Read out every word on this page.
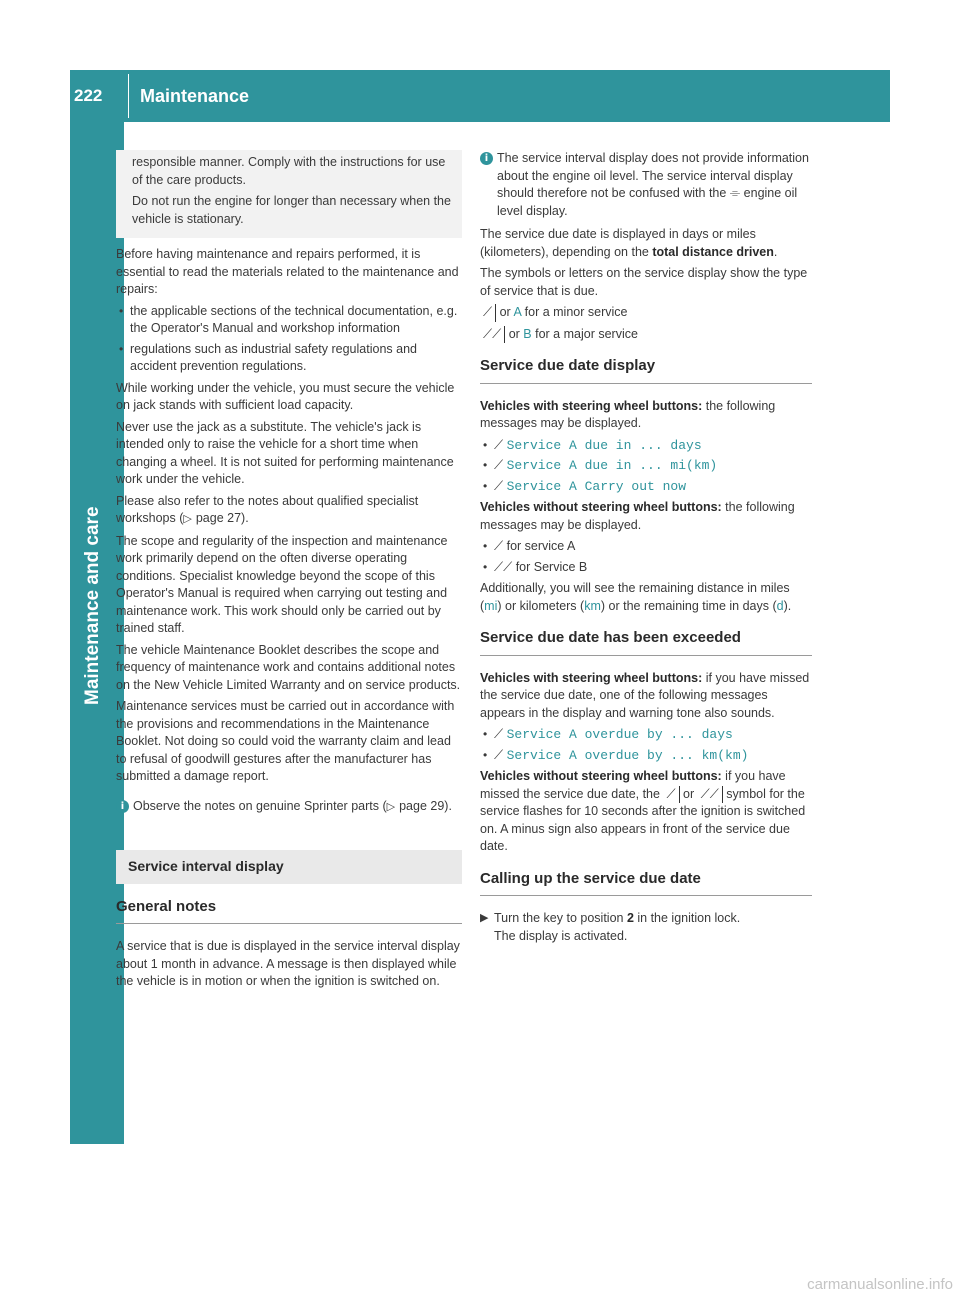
222 Maintenance
Maintenance and care

responsible manner. Comply with the instructions for use of the care products.

Do not run the engine for longer than necessary when the vehicle is stationary.

Before having maintenance and repairs performed, it is essential to read the materials related to the maintenance and repairs:

• the applicable sections of the technical documentation, e.g. the Operator's Manual and workshop information
• regulations such as industrial safety regulations and accident prevention regulations.

While working under the vehicle, you must secure the vehicle on jack stands with sufficient load capacity.

Never use the jack as a substitute. The vehicle's jack is intended only to raise the vehicle for a short time when changing a wheel. It is not suited for performing maintenance work under the vehicle.

Please also refer to the notes about qualified specialist workshops (▷ page 27).

The scope and regularity of the inspection and maintenance work primarily depend on the often diverse operating conditions. Specialist knowledge beyond the scope of this Operator's Manual is required when carrying out testing and maintenance work. This work should only be carried out by trained staff.

The vehicle Maintenance Booklet describes the scope and frequency of maintenance work and contains additional notes on the New Vehicle Limited Warranty and on service products.

Maintenance services must be carried out in accordance with the provisions and recommendations in the Maintenance Booklet. Not doing so could void the warranty claim and lead to refusal of goodwill gestures after the manufacturer has submitted a damage report.

i Observe the notes on genuine Sprinter parts (▷ page 29).
Service interval display
General notes

A service that is due is displayed in the service interval display about 1 month in advance. A message is then displayed while the vehicle is in motion or when the ignition is switched on.

i The service interval display does not provide information about the engine oil level. The service interval display should therefore not be confused with the ⌯ engine oil level display.

The service due date is displayed in days or miles (kilometers), depending on the total distance driven.

The symbols or letters on the service display show the type of service that is due.

⟋ or A for a minor service

⟋⟋ or B for a major service

Service due date display

Vehicles with steering wheel buttons: the following messages may be displayed.

• ⟋ Service A due in ... days
• ⟋ Service A due in ... mi(km)
• ⟋ Service A Carry out now

Vehicles without steering wheel buttons: the following messages may be displayed.

• ⟋ for service A
• ⟋⟋ for Service B

Additionally, you will see the remaining distance in miles (mi) or kilometers (km) or the remaining time in days (d).

Service due date has been exceeded

Vehicles with steering wheel buttons: if you have missed the service due date, one of the following messages appears in the display and warning tone also sounds.

• ⟋ Service A overdue by ... days
• ⟋ Service A overdue by ... km(km)

Vehicles without steering wheel buttons: if you have missed the service due date, the ⟋ or ⟋⟋ symbol for the service flashes for 10 seconds after the ignition is switched on. A minus sign also appears in front of the service due date.

Calling up the service due date

▶ Turn the key to position 2 in the ignition lock.
The display is activated.

carmanualsonline.info
